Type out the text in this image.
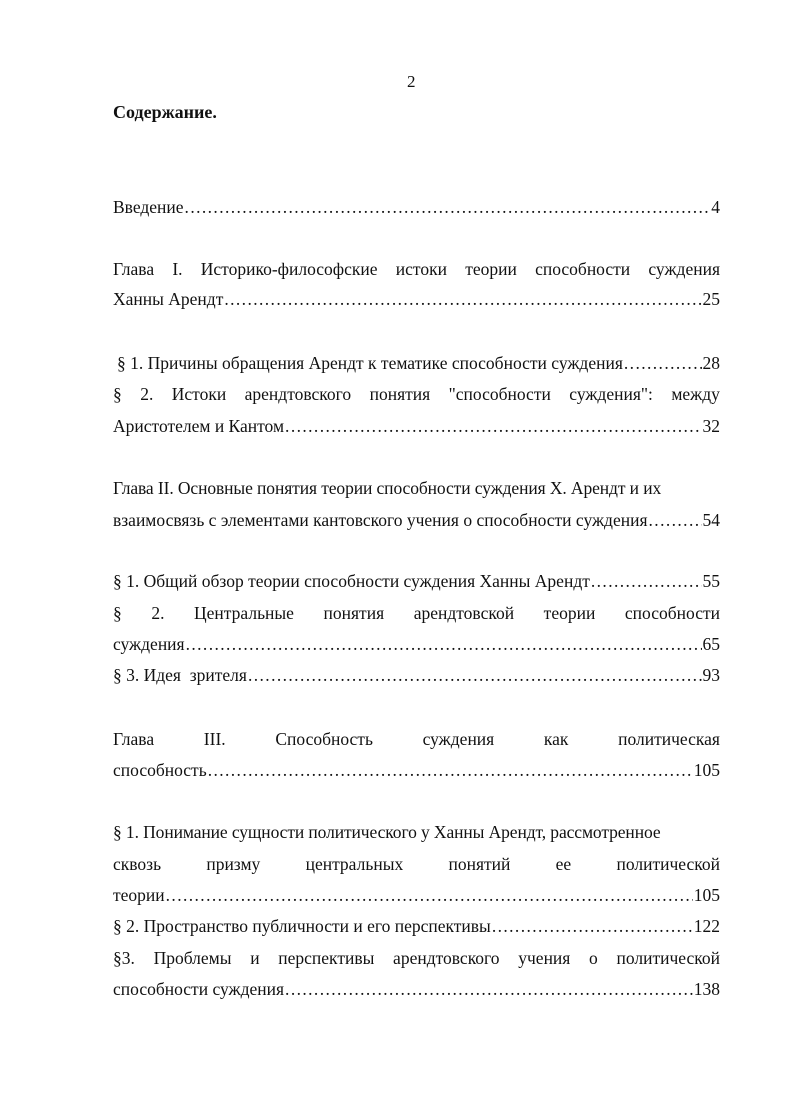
2
Содержание.
Введение .....	4
Глава I. Историко-философские истоки теории способности суждения
Ханны Арендт .....	25
§ 1. Причины обращения Арендт к тематике способности суждения .....	28
§ 2. Истоки арендтовского понятия "способности суждения": между
Аристотелем и Кантом .....	32
Глава II. Основные понятия теории способности суждения Х. Арендт и их
взаимосвязь с элементами кантовского учения о способности суждения .....	54
§ 1. Общий обзор теории способности суждения Ханны Арендт .....	55
§ 2. Центральные понятия арендтовской теории способности
суждения .....	65
§ 3. Идея  зрителя .....	93
Глава	III.	Способность	суждения	как	политическая
способность .....	105
§ 1. Понимание сущности политического у Ханны Арендт, рассмотренное
сквозь	призму	центральных	понятий	ее	политической
теории .....	105
§ 2. Пространство публичности и его перспективы .....	122
§3. Проблемы и перспективы арендтовского учения о политической
способности суждения .....	138
